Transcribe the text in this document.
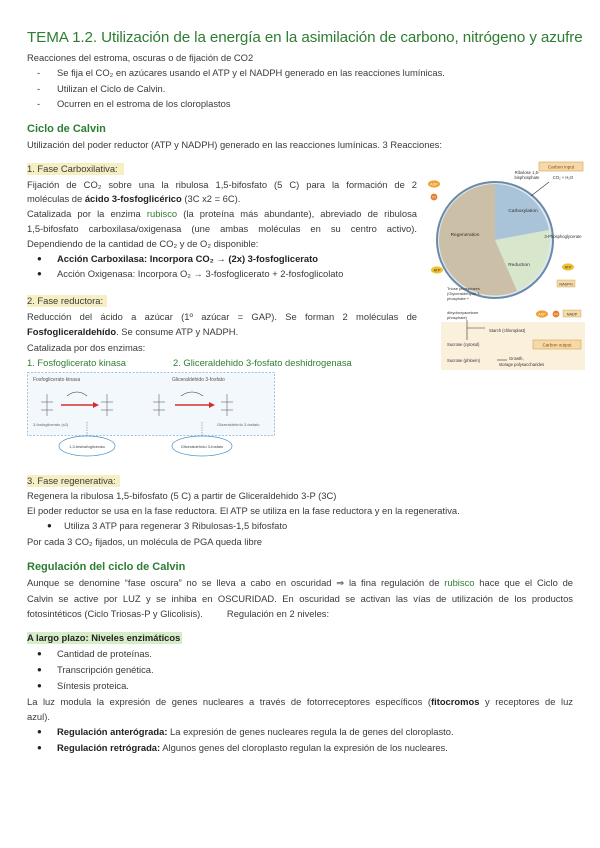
TEMA 1.2. Utilización de la energía en la asimilación de carbono, nitrógeno y azufre
Reacciones del estroma, oscuras o de fijación de CO2
- Se fija el CO₂ en azúcares usando el ATP y el NADPH generado en las reacciones lumínicas.
- Utilizan el Ciclo de Calvin.
- Ocurren en el estroma de los cloroplastos
Ciclo de Calvin
Utilización del poder reductor (ATP y NADPH) generado en las reacciones lumínicas. 3 Reacciones:
1. Fase Carboxilativa:
Fijación de CO₂ sobre una la ribulosa 1,5-bifosfato (5 C) para la formación de 2
moléculas de ácido 3-fosfoglicérico (3C x2 = 6C).
Catalizada por la enzima rubisco (la proteína más abundante), abreviado de ribulosa
1,5-bifosfato carboxilasa/oxigenasa (une ambas moléculas en su centro activo).
Dependiendo de la cantidad de CO₂ y de O₂ disponible:
● Acción Carboxilasa: Incorpora CO₂ → (2x) 3-fosfoglicerato
● Acción Oxigenasa: Incorpora O₂ → 3-fosfoglicerato + 2-fosfoglicolato
2. Fase reductora:
Reducción del ácido a azúcar (1º azúcar = GAP). Se forman 2 moléculas de
Fosfogliceraldehído. Se consume ATP y NADPH.
Catalizada por dos enzimas:
1. Fosfoglicerato kinasa	2. Gliceraldehido 3-fosfato deshidrogenasa
Fosfoglicerato kinasa	Gliceraldehido 3-fosfato
3-fosfoglicerato (x2)	Gliceraldehído 3-fosfato
1,3-bisfosfoglicerato	Gliceraldehído 3-fosfato
3. Fase regenerativa:
Regenera la ribulosa 1,5-bifosfato (5 C) a partir de Gliceraldehido 3-P (3C)
El poder reductor se usa en la fase reductora. El ATP se utiliza en la fase reductora y en la regenerativa.
● Utiliza 3 ATP para regenerar 3 Ribulosas-1,5 bifosfato
Por cada 3 CO₂ fijados, un molécula de PGA queda libre
Regulación del ciclo de Calvin
Aunque se denomine “fase oscura” no se lleva a cabo en oscuridad ⇒ la fina regulación de rubisco hace que el Ciclo de
Calvin se active por LUZ y se inhiba en OSCURIDAD. En oscuridad se activan las vías de utilización de los productos
fotosintéticos (Ciclo Triosas-P y Glicolisis).	Regulación en 2 niveles:
A largo plazo: Niveles enzimáticos
● Cantidad de proteínas.
● Transcripción genética.
● Síntesis proteica.
La luz modula la expresión de genes nucleares a través de fotorreceptores específicos (fitocromos y receptores de luz
azul).
● Regulación anterógrada: La expresión de genes nucleares regula la de genes del cloroplasto.
● Regulación retrógrada: Algunos genes del cloroplasto regulan la expresión de los nucleares.
Carboxylation
Regeneration
Reduction
Ribulose 1,5-
bisphosphate
3-Phosphoglycerate
Carbon input
CO₂ + H₂O
ADP
Pi
ATP
NADPH
ADP Pi NADP
ATP
Triose phosphates
(Glyceraldehyde 3-
phosphate +
dihydroxyacetone
phosphate)
Starch (chloroplast)
Sucrose (cytosol)	Carbon output
Sucrose (phloem)	Growth,
storage polysaccharides
